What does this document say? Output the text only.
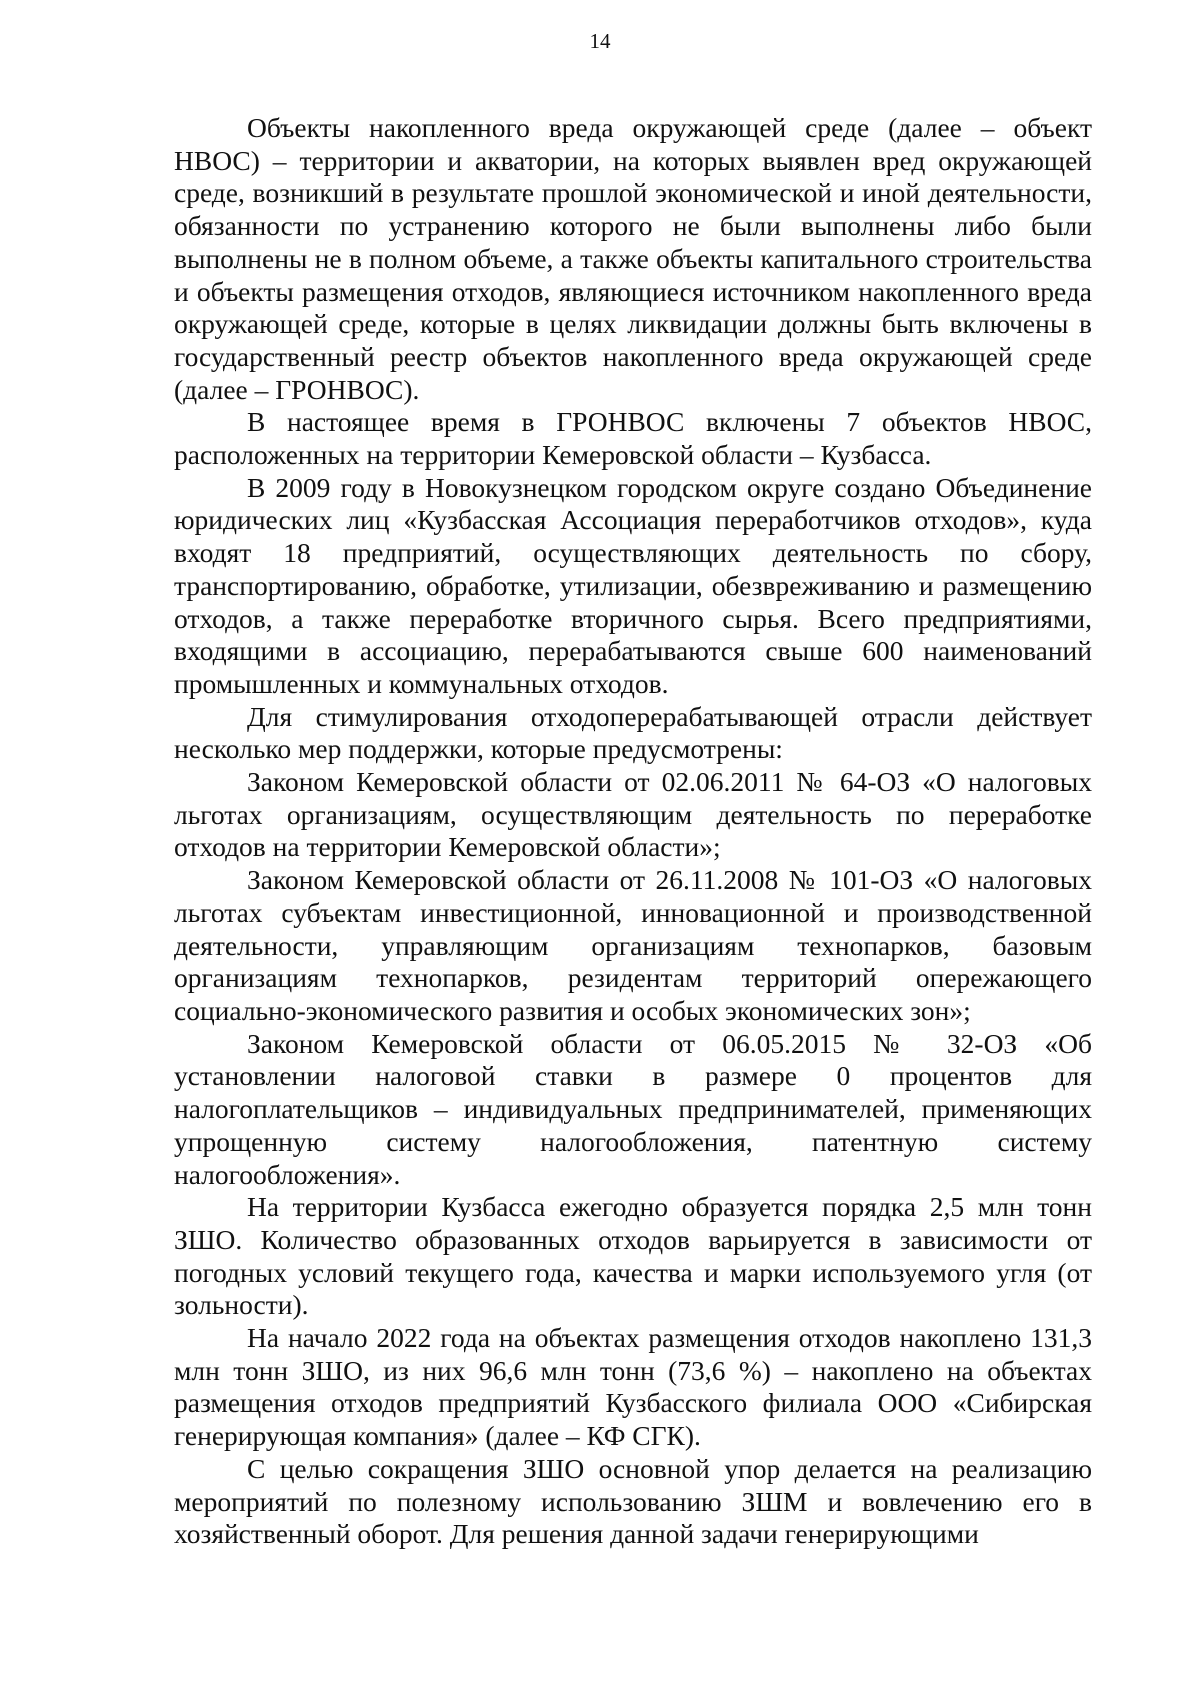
14

Объекты накопленного вреда окружающей среде (далее – объект НВОС) – территории и акватории, на которых выявлен вред окружающей среде, возникший в результате прошлой экономической и иной деятельности, обязанности по устранению которого не были выполнены либо были выполнены не в полном объеме, а также объекты капитального строительства и объекты размещения отходов, являющиеся источником накопленного вреда окружающей среде, которые в целях ликвидации должны быть включены в государственный реестр объектов накопленного вреда окружающей среде (далее – ГРОНВОС).

В настоящее время в ГРОНВОС включены 7 объектов НВОС, расположенных на территории Кемеровской области – Кузбасса.

В 2009 году в Новокузнецком городском округе создано Объединение юридических лиц «Кузбасская Ассоциация переработчиков отходов», куда входят 18 предприятий, осуществляющих деятельность по сбору, транспортированию, обработке, утилизации, обезвреживанию и размещению отходов, а также переработке вторичного сырья. Всего предприятиями, входящими в ассоциацию, перерабатываются свыше 600 наименований промышленных и коммунальных отходов.

Для стимулирования отходоперерабатывающей отрасли действует несколько мер поддержки, которые предусмотрены:

Законом Кемеровской области от 02.06.2011 № 64-ОЗ «О налоговых льготах организациям, осуществляющим деятельность по переработке отходов на территории Кемеровской области»;

Законом Кемеровской области от 26.11.2008 № 101-ОЗ «О налоговых льготах субъектам инвестиционной, инновационной и производственной деятельности, управляющим организациям технопарков, базовым организациям технопарков, резидентам территорий опережающего социально-экономического развития и особых экономических зон»;

Законом Кемеровской области от 06.05.2015 № 32-ОЗ «Об установлении налоговой ставки в размере 0 процентов для налогоплательщиков – индивидуальных предпринимателей, применяющих упрощенную систему налогообложения, патентную систему налогообложения».

На территории Кузбасса ежегодно образуется порядка 2,5 млн тонн ЗШО. Количество образованных отходов варьируется в зависимости от погодных условий текущего года, качества и марки используемого угля (от зольности).

На начало 2022 года на объектах размещения отходов накоплено 131,3 млн тонн ЗШО, из них 96,6 млн тонн (73,6 %) – накоплено на объектах размещения отходов предприятий Кузбасского филиала ООО «Сибирская генерирующая компания» (далее – КФ СГК).

С целью сокращения ЗШО основной упор делается на реализацию мероприятий по полезному использованию ЗШМ и вовлечению его в хозяйственный оборот. Для решения данной задачи генерирующими
